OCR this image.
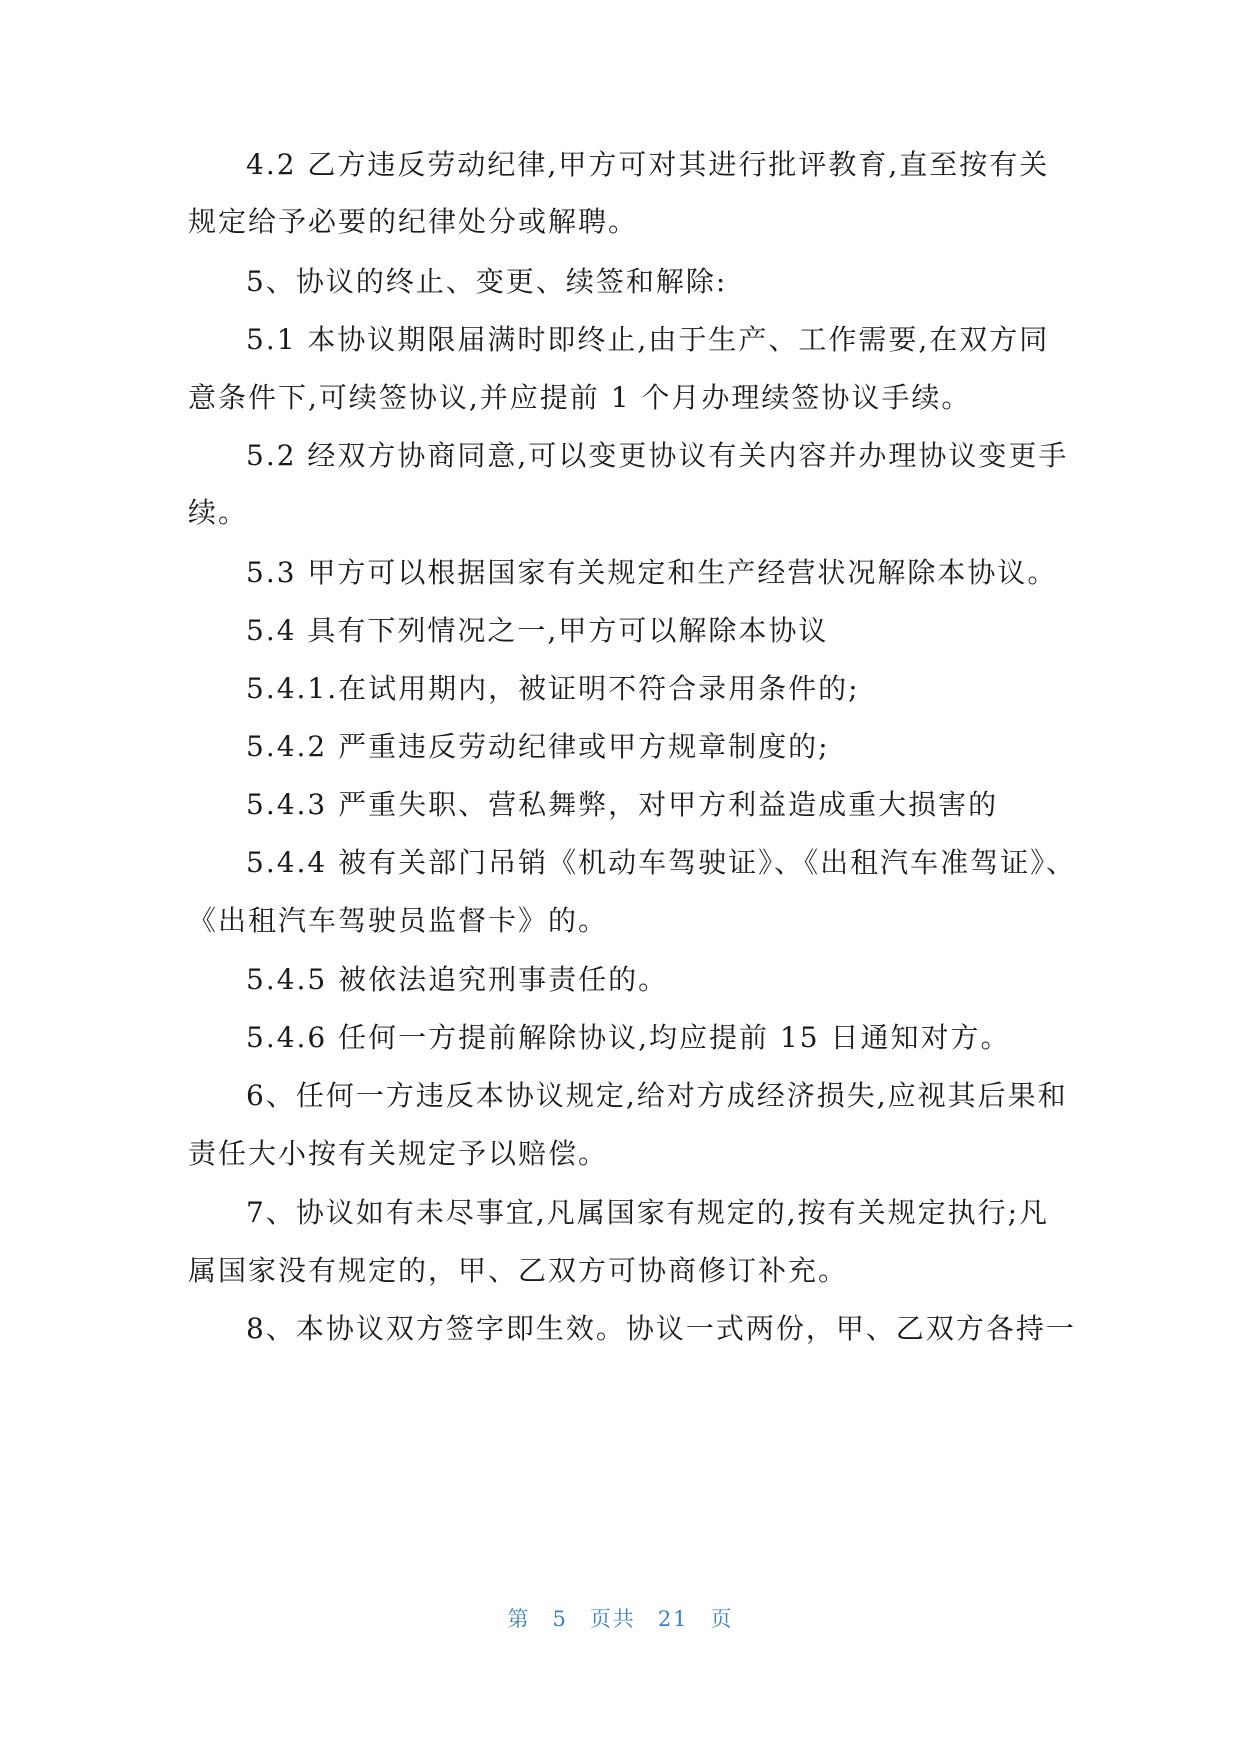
4.2 乙方违反劳动纪律,甲方可对其进行批评教育,直至按有关
规定给予必要的纪律处分或解聘。
5、协议的终止、变更、续签和解除:
5.1 本协议期限届满时即终止,由于生产、工作需要,在双方同
意条件下,可续签协议,并应提前 1 个月办理续签协议手续。
5.2 经双方协商同意,可以变更协议有关内容并办理协议变更手
续。
5.3 甲方可以根据国家有关规定和生产经营状况解除本协议。
5.4 具有下列情况之一,甲方可以解除本协议
5.4.1.在试用期内，被证明不符合录用条件的;
5.4.2 严重违反劳动纪律或甲方规章制度的;
5.4.3 严重失职、营私舞弊，对甲方利益造成重大损害的
5.4.4 被有关部门吊销《机动车驾驶证》、《出租汽车准驾证》、
《出租汽车驾驶员监督卡》的。
5.4.5 被依法追究刑事责任的。
5.4.6 任何一方提前解除协议,均应提前 15 日通知对方。
6、任何一方违反本协议规定,给对方成经济损失,应视其后果和
责任大小按有关规定予以赔偿。
7、协议如有未尽事宜,凡属国家有规定的,按有关规定执行;凡
属国家没有规定的，甲、乙双方可协商修订补充。
8、本协议双方签字即生效。协议一式两份，甲、乙双方各持一
第 5 页共 21 页
